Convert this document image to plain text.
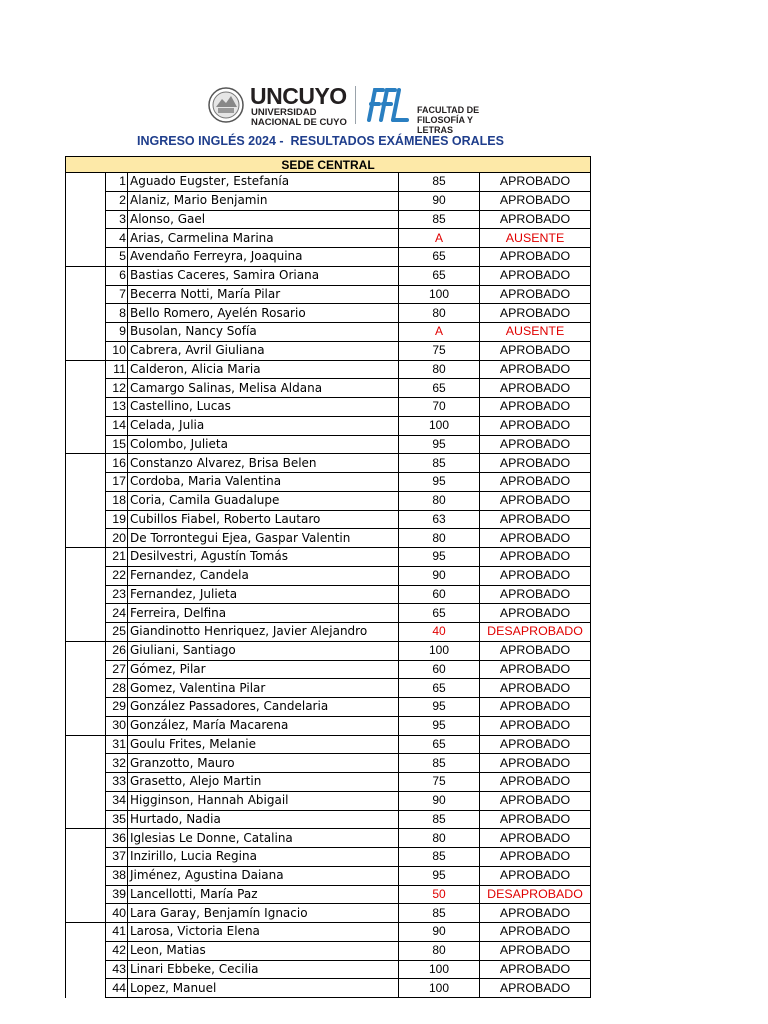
UNCUYO
UNIVERSIDAD
NACIONAL DE CUYO
FACULTAD DE
FILOSOFÍA Y LETRAS
INGRESO INGLÉS 2024 -  RESULTADOS EXÁMENES ORALES
SEDE CENTRAL				
	1	Aguado Eugster, Estefanía	85	APROBADO
	2	Alaniz, Mario Benjamin	90	APROBADO
	3	Alonso, Gael	85	APROBADO
	4	Arias, Carmelina Marina	A	AUSENTE
	5	Avendaño Ferreyra, Joaquina	65	APROBADO
	6	Bastias Caceres, Samira Oriana	65	APROBADO
	7	Becerra Notti, María Pilar	100	APROBADO
	8	Bello Romero, Ayelén Rosario	80	APROBADO
	9	Busolan, Nancy Sofía	A	AUSENTE
	10	Cabrera, Avril Giuliana	75	APROBADO
	11	Calderon, Alicia Maria	80	APROBADO
	12	Camargo Salinas, Melisa Aldana	65	APROBADO
	13	Castellino, Lucas	70	APROBADO
	14	Celada, Julia	100	APROBADO
	15	Colombo, Julieta	95	APROBADO
	16	Constanzo Alvarez, Brisa Belen	85	APROBADO
	17	Cordoba, Maria Valentina	95	APROBADO
	18	Coria, Camila Guadalupe	80	APROBADO
	19	Cubillos Fiabel, Roberto Lautaro	63	APROBADO
	20	De Torrontegui Ejea, Gaspar Valentin	80	APROBADO
	21	Desilvestri, Agustín Tomás	95	APROBADO
	22	Fernandez, Candela	90	APROBADO
	23	Fernandez, Julieta	60	APROBADO
	24	Ferreira, Delfina	65	APROBADO
	25	Giandinotto Henriquez, Javier Alejandro	40	DESAPROBADO
	26	Giuliani, Santiago	100	APROBADO
	27	Gómez, Pilar	60	APROBADO
	28	Gomez, Valentina Pilar	65	APROBADO
	29	González Passadores, Candelaria	95	APROBADO
	30	González, María Macarena	95	APROBADO
	31	Goulu Frites, Melanie	65	APROBADO
	32	Granzotto, Mauro	85	APROBADO
	33	Grasetto, Alejo Martin	75	APROBADO
	34	Higginson, Hannah Abigail	90	APROBADO
	35	Hurtado, Nadia	85	APROBADO
	36	Iglesias Le Donne, Catalina	80	APROBADO
	37	Inzirillo, Lucia Regina	85	APROBADO
	38	Jiménez, Agustina Daiana	95	APROBADO
	39	Lancellotti, María Paz	50	DESAPROBADO
	40	Lara Garay, Benjamín Ignacio	85	APROBADO
	41	Larosa, Victoria Elena	90	APROBADO
	42	Leon, Matias	80	APROBADO
	43	Linari Ebbeke, Cecilia	100	APROBADO
	44	Lopez, Manuel	100	APROBADO
